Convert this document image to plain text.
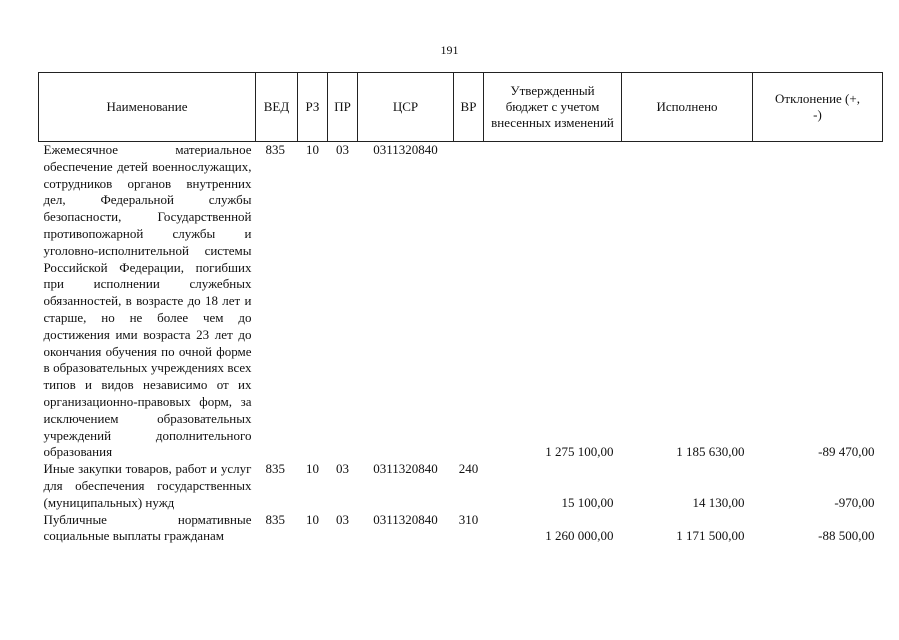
191
Наименование	ВЕД	РЗ	ПР	ЦСР	ВР	Утвержденный бюджет с учетом внесенных изменений	Исполнено	Отклонение (+, -)
Ежемесячное материальное обеспечение детей военнослужащих, сотрудников органов внутренних дел, Федеральной службы безопасности, Государственной противопожарной службы и уголовно-исполнительной системы Российской Федерации, погибших при исполнении служебных обязанностей, в возрасте до 18 лет и старше, но не более чем до достижения ими возраста 23 лет до окончания обучения по очной форме в образовательных учреждениях всех типов и видов независимо от их организационно-правовых форм, за исключением образовательных учреждений дополнительного образования	835	10	03	0311320840		1 275 100,00	1 185 630,00	-89 470,00
Иные закупки товаров, работ и услуг для обеспечения государственных (муниципальных) нужд	835	10	03	0311320840	240	15 100,00	14 130,00	-970,00
Публичные нормативные социальные выплаты гражданам	835	10	03	0311320840	310	1 260 000,00	1 171 500,00	-88 500,00
